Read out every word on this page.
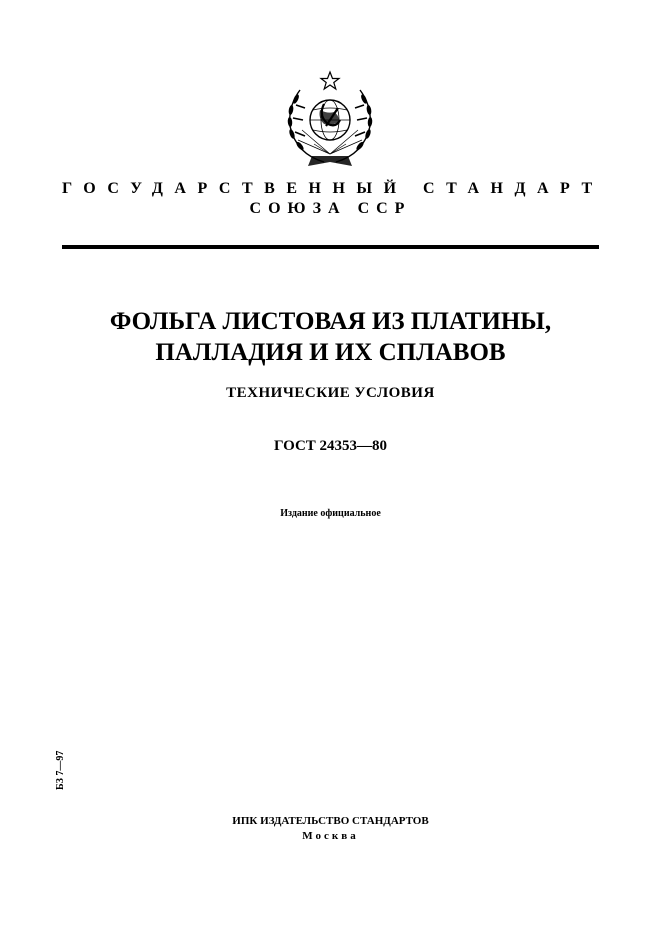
ГОСУДАРСТВЕННЫЙ СТАНДАРТ
СОЮЗА ССР
ФОЛЬГА ЛИСТОВАЯ ИЗ ПЛАТИНЫ,
ПАЛЛАДИЯ И ИХ СПЛАВОВ
ТЕХНИЧЕСКИЕ УСЛОВИЯ
ГОСТ 24353—80
Издание официальное
БЗ 7—97
ИПК ИЗДАТЕЛЬСТВО СТАНДАРТОВ
Москва
